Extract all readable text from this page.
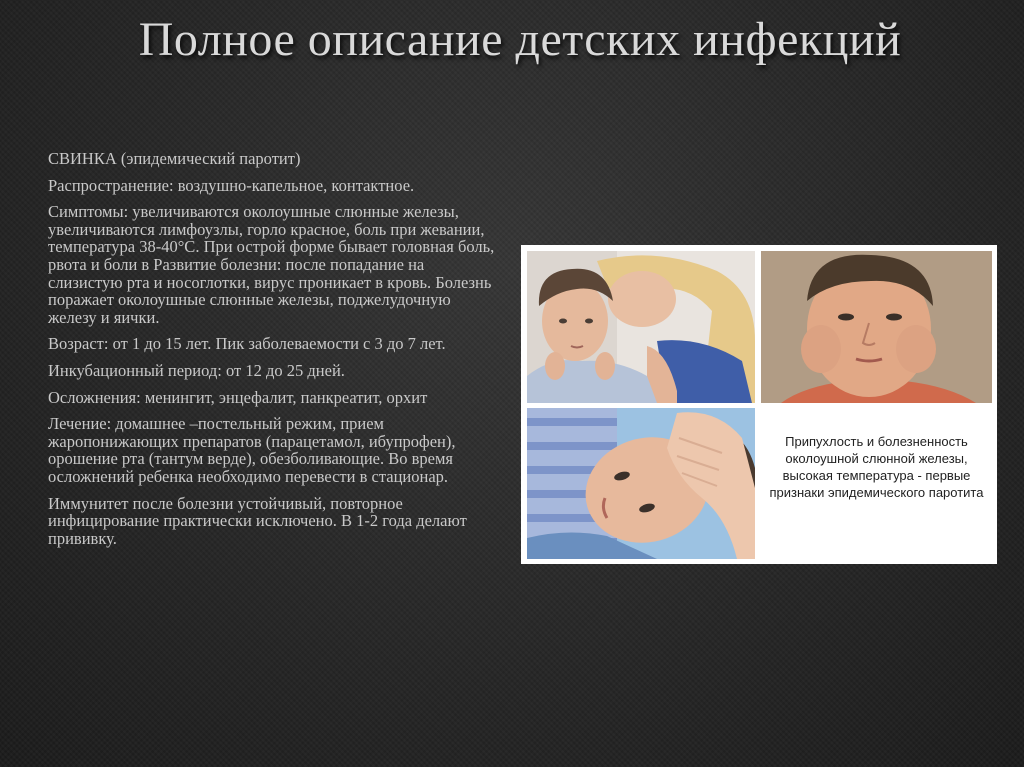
Полное описание детских инфекций

СВИНКА (эпидемический паротит)

Распространение: воздушно-капельное, контактное.

Симптомы: увеличиваются околоушные слюнные железы, увеличиваются лимфоузлы, горло красное, боль при жевании, температура 38-40°С. При острой форме бывает головная боль, рвота и боли в Развитие болезни: после попадание на слизистую рта и носоглотки, вирус проникает в кровь. Болезнь поражает околоушные слюнные железы, поджелудочную железу и яички.

Возраст: от 1 до 15 лет. Пик заболеваемости с 3 до 7 лет.

Инкубационный период: от 12 до 25 дней.

Осложнения: менингит, энцефалит, панкреатит, орхит

Лечение: домашнее –постельный режим, прием жаропонижающих препаратов (парацетамол, ибупрофен), орошение рта (тантум верде), обезболивающие. Во время осложнений ребенка необходимо перевести в стационар.

Иммунитет после болезни устойчивый, повторное инфицирование практически исключено. В 1-2 года делают прививку.

Припухлость и болезненность околоушной слюнной железы, высокая температура - первые признаки эпидемического паротита
